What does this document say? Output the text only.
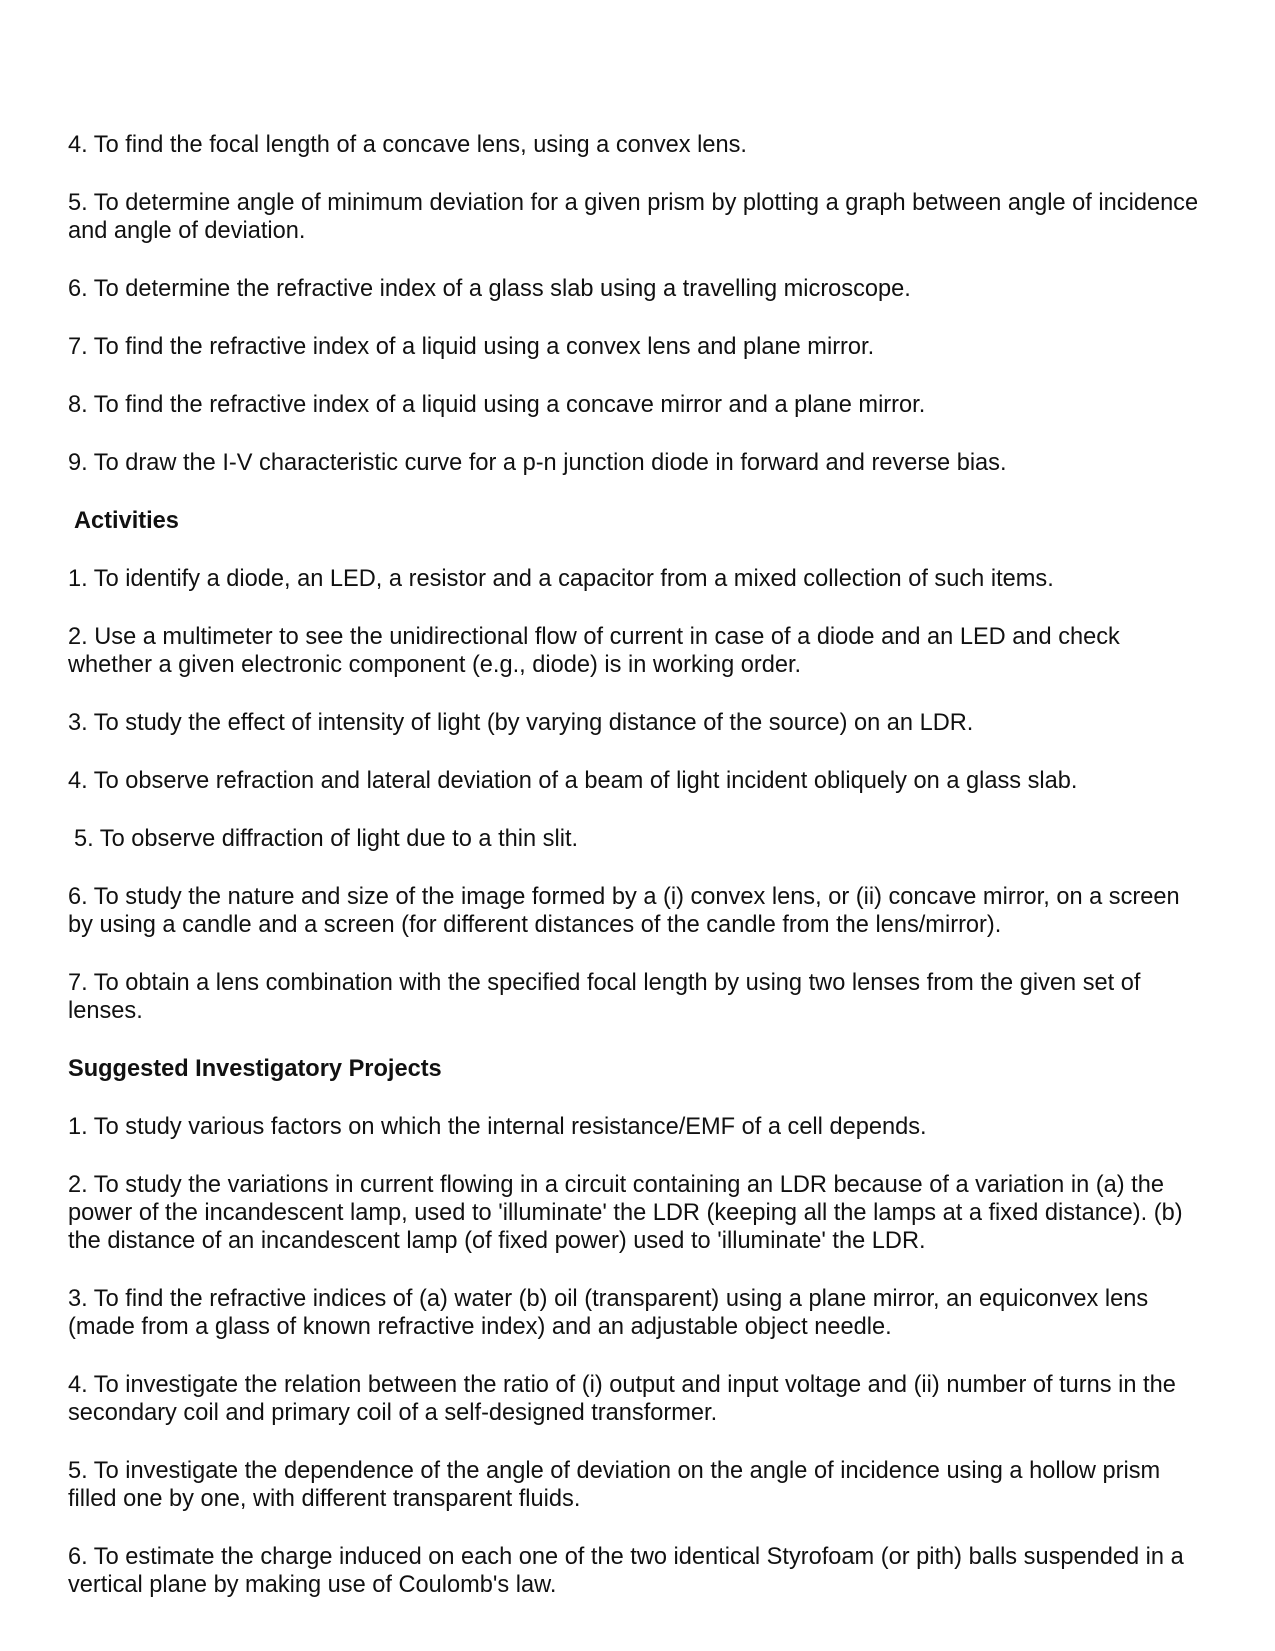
4. To find the focal length of a concave lens, using a convex lens.

5. To determine angle of minimum deviation for a given prism by plotting a graph between angle of incidence and angle of deviation.

6. To determine the refractive index of a glass slab using a travelling microscope.

7. To find the refractive index of a liquid using a convex lens and plane mirror.

8. To find the refractive index of a liquid using a concave mirror and a plane mirror.

9. To draw the I-V characteristic curve for a p-n junction diode in forward and reverse bias.

Activities

1. To identify a diode, an LED, a resistor and a capacitor from a mixed collection of such items.

2. Use a multimeter to see the unidirectional flow of current in case of a diode and an LED and check whether a given electronic component (e.g., diode) is in working order.

3. To study the effect of intensity of light (by varying distance of the source) on an LDR.

4. To observe refraction and lateral deviation of a beam of light incident obliquely on a glass slab.

5. To observe diffraction of light due to a thin slit.

6. To study the nature and size of the image formed by a (i) convex lens, or (ii) concave mirror, on a screen by using a candle and a screen (for different distances of the candle from the lens/mirror).

7. To obtain a lens combination with the specified focal length by using two lenses from the given set of lenses.

Suggested Investigatory Projects

1. To study various factors on which the internal resistance/EMF of a cell depends.

2. To study the variations in current flowing in a circuit containing an LDR because of a variation in (a) the power of the incandescent lamp, used to 'illuminate' the LDR (keeping all the lamps at a fixed distance). (b) the distance of an incandescent lamp (of fixed power) used to 'illuminate' the LDR.

3. To find the refractive indices of (a) water (b) oil (transparent) using a plane mirror, an equiconvex lens (made from a glass of known refractive index) and an adjustable object needle.

4. To investigate the relation between the ratio of (i) output and input voltage and (ii) number of turns in the secondary coil and primary coil of a self-designed transformer.

5. To investigate the dependence of the angle of deviation on the angle of incidence using a hollow prism filled one by one, with different transparent fluids.

6. To estimate the charge induced on each one of the two identical Styrofoam (or pith) balls suspended in a vertical plane by making use of Coulomb's law.
